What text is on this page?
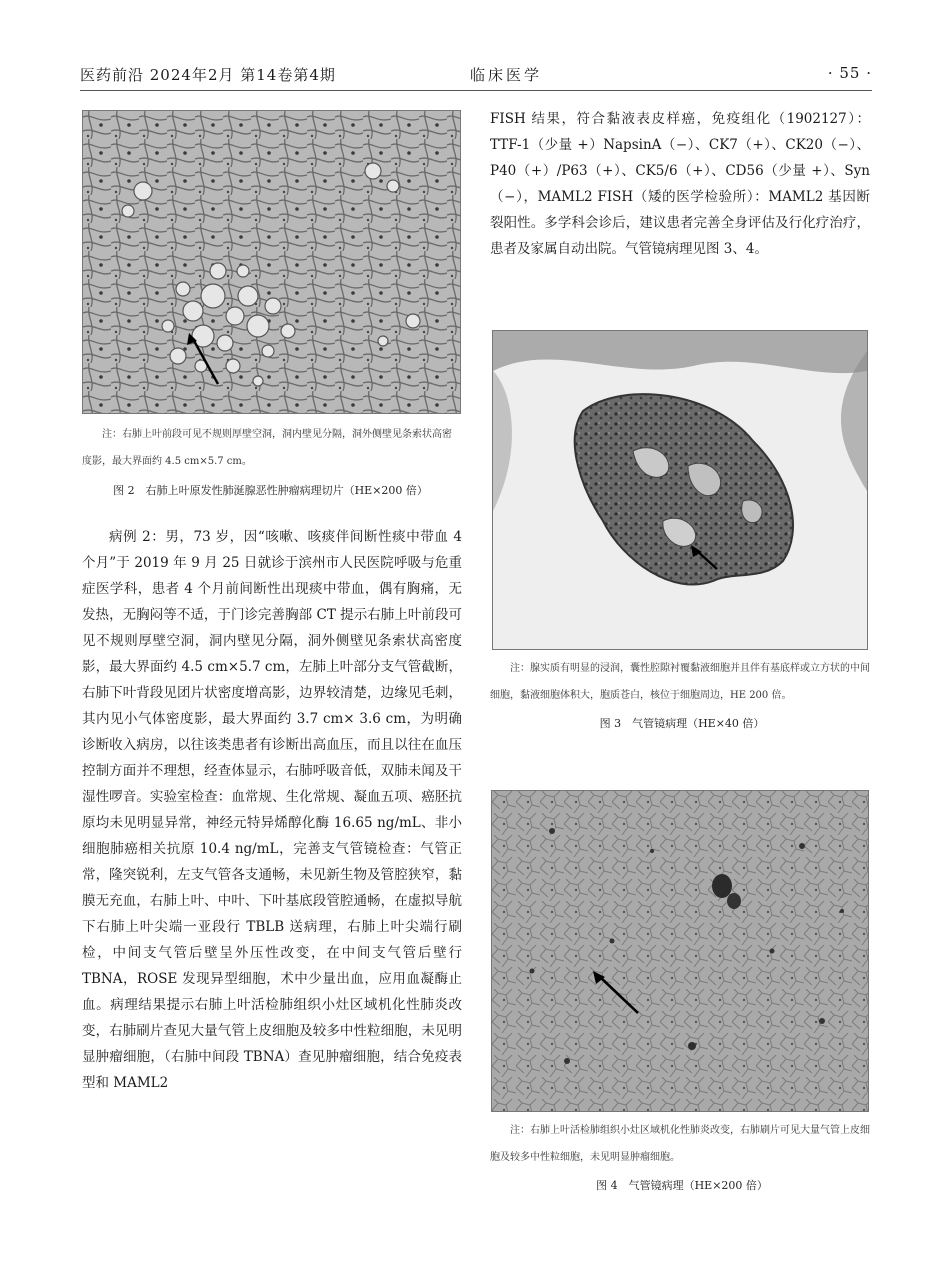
医药前沿 2024年2月 第14卷第4期	临床医学	· 55 ·
注：右肺上叶前段可见不规则厚壁空洞，洞内壁见分隔，洞外侧壁见条索状高密度影，最大界面约 4.5 cm×5.7 cm。
图 2　右肺上叶原发性肺涎腺恶性肿瘤病理切片（HE×200 倍）

病例 2：男，73 岁，因“咳嗽、咳痰伴间断性痰中带血 4 个月”于 2019 年 9 月 25 日就诊于滨州市人民医院呼吸与危重症医学科，患者 4 个月前间断性出现痰中带血，偶有胸痛，无发热，无胸闷等不适，于门诊完善胸部 CT 提示右肺上叶前段可见不规则厚壁空洞，洞内壁见分隔，洞外侧壁见条索状高密度影，最大界面约 4.5 cm×5.7 cm，左肺上叶部分支气管截断，右肺下叶背段见团片状密度增高影，边界较清楚，边缘见毛刺，其内见小气体密度影，最大界面约 3.7 cm× 3.6 cm，为明确诊断收入病房，以往该类患者有诊断出高血压，而且以往在血压控制方面并不理想，经查体显示，右肺呼吸音低，双肺未闻及干湿性啰音。实验室检查：血常规、生化常规、凝血五项、癌胚抗原均未见明显异常，神经元特异烯醇化酶 16.65 ng/mL、非小细胞肺癌相关抗原 10.4 ng/mL，完善支气管镜检查：气管正常，隆突锐利，左支气管各支通畅，未见新生物及管腔狭窄，黏膜无充血，右肺上叶、中叶、下叶基底段管腔通畅，在虚拟导航下右肺上叶尖端一亚段行 TBLB 送病理，右肺上叶尖端行刷检，中间支气管后壁呈外压性改变，在中间支气管后壁行 TBNA，ROSE 发现异型细胞，术中少量出血，应用血凝酶止血。病理结果提示右肺上叶活检肺组织小灶区域机化性肺炎改变，右肺刷片查见大量气管上皮细胞及较多中性粒细胞，未见明显肿瘤细胞，（右肺中间段 TBNA）查见肿瘤细胞，结合免疫表型和 MAML2

FISH 结果，符合黏液表皮样癌，免疫组化（1902127）：TTF-1（少量 +）NapsinA（−）、CK7（+）、CK20（−）、P40（+）/P63（+）、CK5/6（+）、CD56（少量 +）、Syn（−），MAML2 FISH（矮的医学检验所）：MAML2 基因断裂阳性。多学科会诊后，建议患者完善全身评估及行化疗治疗，患者及家属自动出院。气管镜病理见图 3、4。

注：腺实质有明显的浸润，囊性腔隙衬覆黏液细胞并且伴有基底样或立方状的中间细胞，黏液细胞体积大，胞质苍白，核位于细胞周边，HE 200 倍。
图 3　气管镜病理（HE×40 倍）
注：右肺上叶活检肺组织小灶区域机化性肺炎改变，右肺刷片可见大量气管上皮细胞及较多中性粒细胞，未见明显肿瘤细胞。
图 4　气管镜病理（HE×200 倍）
